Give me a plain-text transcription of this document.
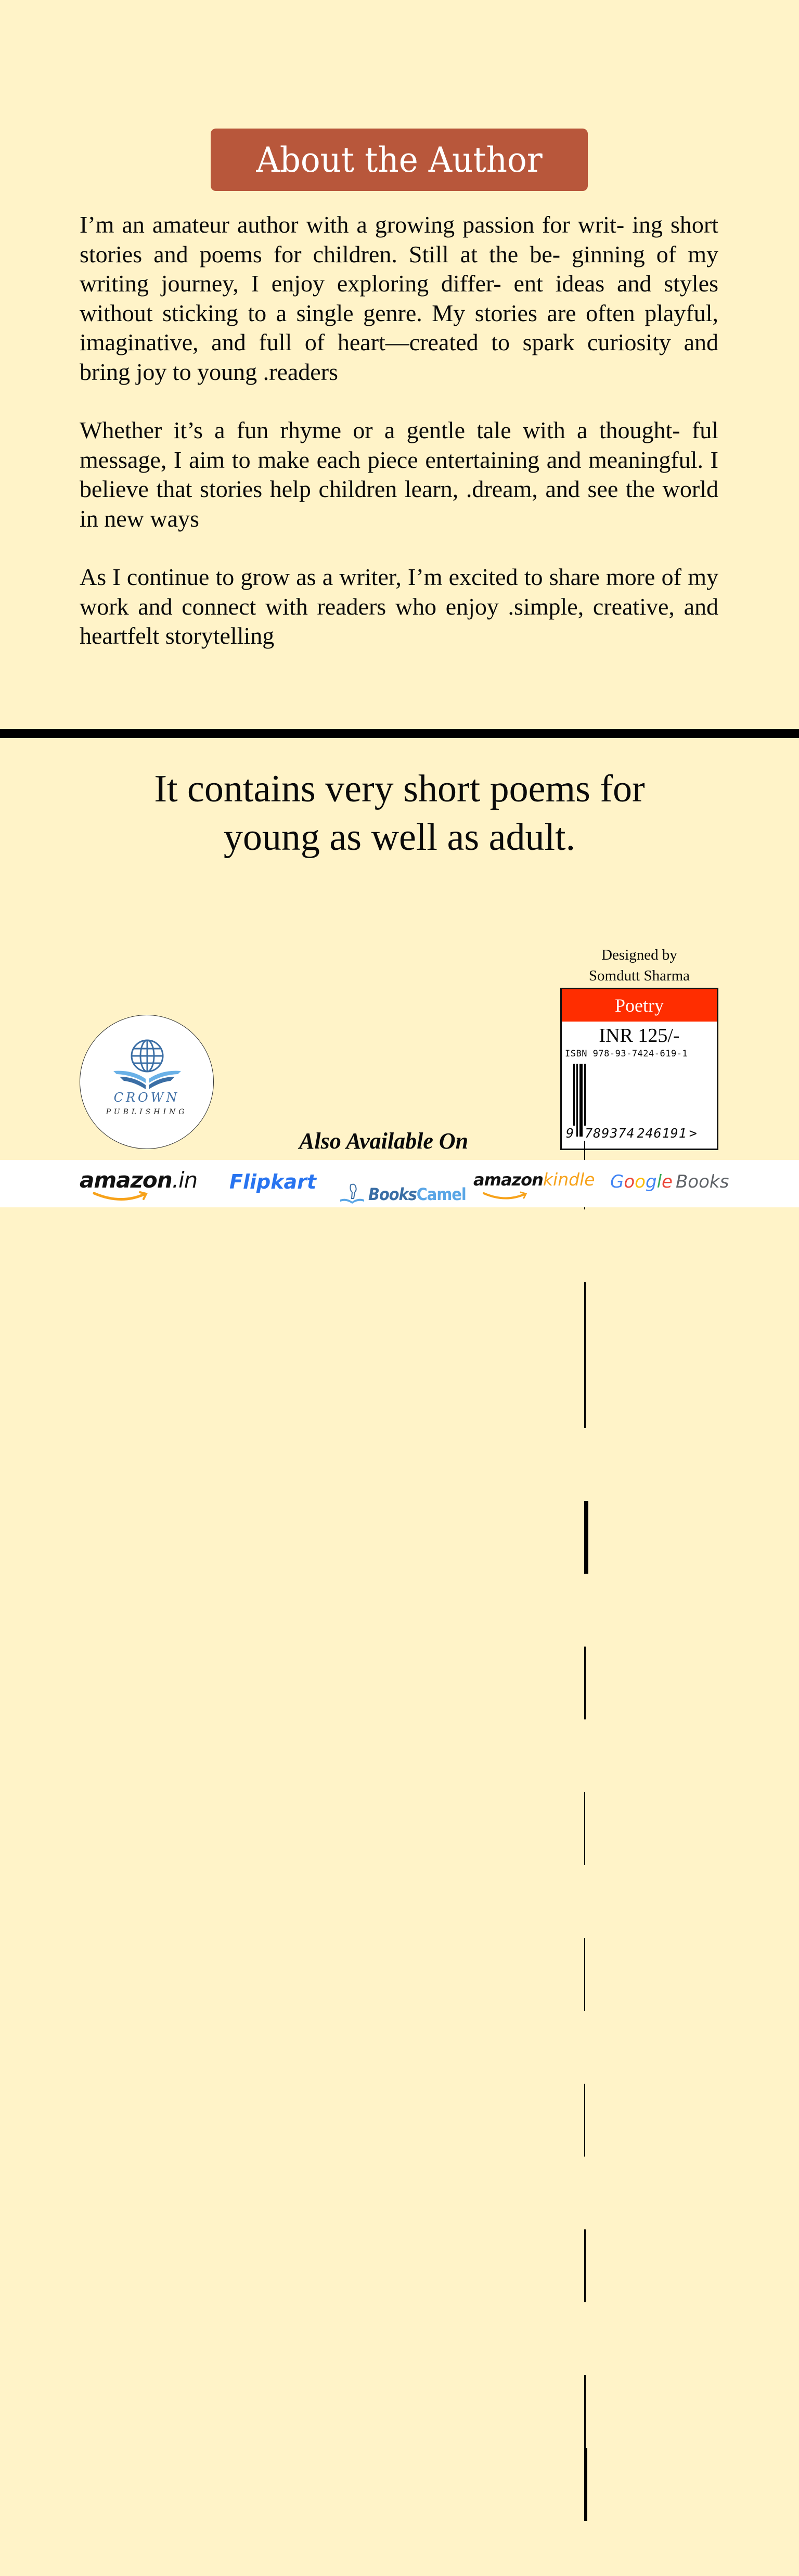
About the Author

I’m an amateur author with a growing passion for writ- ing short stories and poems for children. Still at the be- ginning of my writing journey, I enjoy exploring differ- ent ideas and styles without sticking to a single genre. My stories are often playful, imaginative, and full of heart—created to spark curiosity and bring joy to young .readers

Whether it’s a fun rhyme or a gentle tale with a thought- ful message, I aim to make each piece entertaining and meaningful. I believe that stories help children learn, .dream, and see the world in new ways

As I continue to grow as a writer, I’m excited to share more of my work and connect with readers who enjoy .simple, creative, and heartfelt storytelling

It contains very short poems for
young as well as adult.
Designed by
Somdutt Sharma
Poetry
INR 125/-
ISBN 978-93-7424-619-1
9 789374 246191 >
CROWN
PUBLISHING
Also Available On
amazon.in Flipkart
BooksCamel
amazonkindle Google Books
